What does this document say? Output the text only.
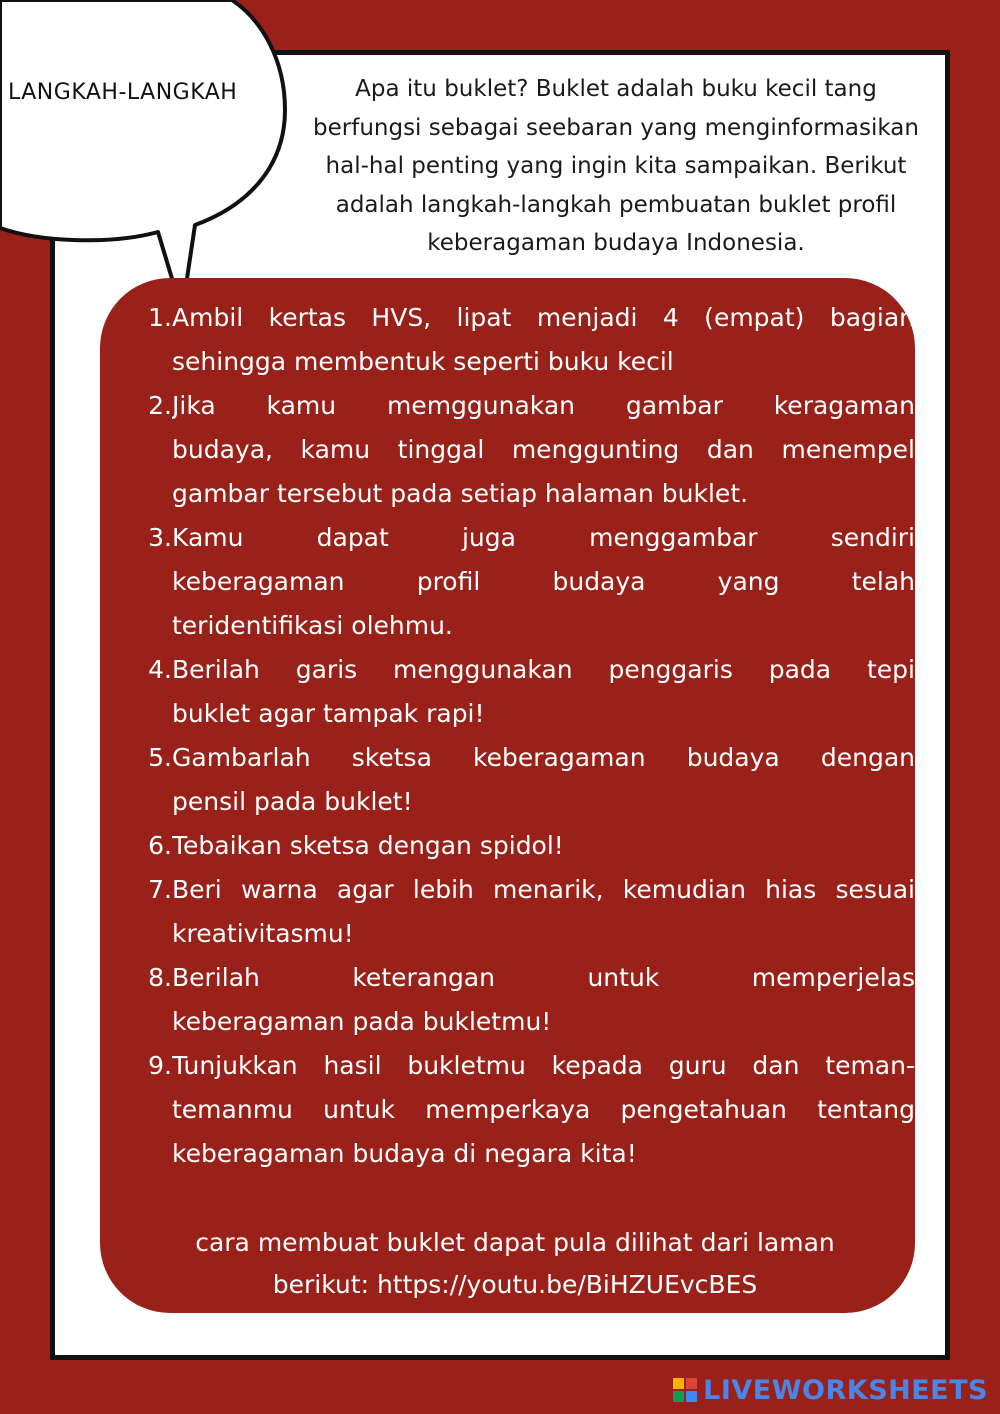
LANGKAH-LANGKAH	Apa itu buklet? Buklet adalah buku kecil tang
berfungsi sebagai seebaran yang menginformasikan
hal-hal penting yang ingin kita sampaikan. Berikut
adalah langkah-langkah pembuatan buklet profil
keberagaman budaya Indonesia.
1. Ambil kertas HVS, lipat menjadi 4 (empat) bagian
sehingga membentuk seperti buku kecil
2. Jika kamu memggunakan gambar keragaman
budaya, kamu tinggal menggunting dan menempel
gambar tersebut pada setiap halaman buklet.
3. Kamu dapat juga menggambar sendiri
keberagaman profil budaya yang telah
teridentifikasi olehmu.
4. Berilah garis menggunakan penggaris pada tepi
buklet agar tampak rapi!
5. Gambarlah sketsa keberagaman budaya dengan
pensil pada buklet!
6. Tebaikan sketsa dengan spidol!
7. Beri warna agar lebih menarik, kemudian hias sesuai
kreativitasmu!
8. Berilah keterangan untuk memperjelas
keberagaman pada bukletmu!
9. Tunjukkan hasil bukletmu kepada guru dan teman-
temanmu untuk memperkaya pengetahuan tentang
keberagaman budaya di negara kita!
cara membuat buklet dapat pula dilihat dari laman
berikut: https://youtu.be/BiHZUEvcBES
LIVEWORKSHEETS
